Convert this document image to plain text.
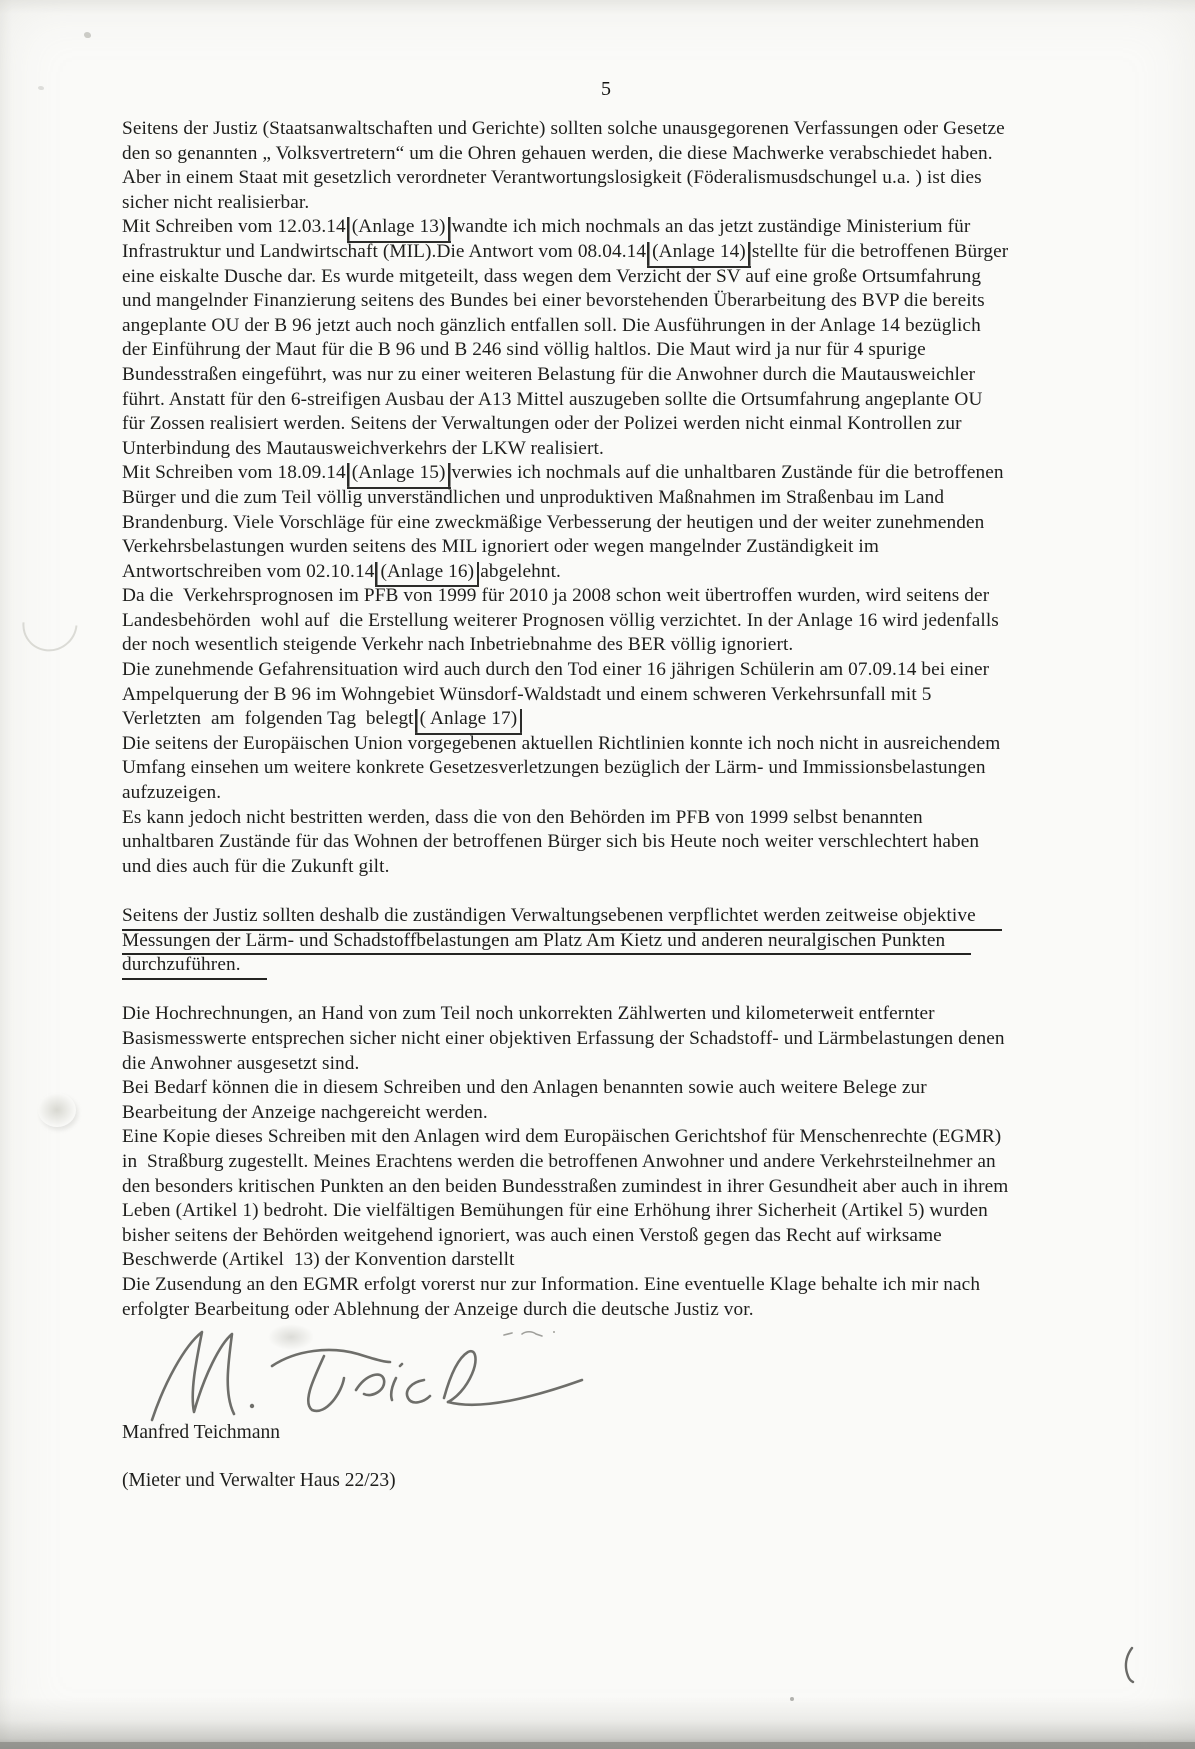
5
Seitens der Justiz (Staatsanwaltschaften und Gerichte) sollten solche unausgegorenen Verfassungen oder Gesetze
den so genannten „ Volksvertretern“ um die Ohren gehauen werden, die diese Machwerke verabschiedet haben.
Aber in einem Staat mit gesetzlich verordneter Verantwortungslosigkeit (Föderalismusdschungel u.a. ) ist dies
sicher nicht realisierbar.
Mit Schreiben vom 12.03.14 (Anlage 13) wandte ich mich nochmals an das jetzt zuständige Ministerium für
Infrastruktur und Landwirtschaft (MIL).Die Antwort vom 08.04.14 (Anlage 14) stellte für die betroffenen Bürger
eine eiskalte Dusche dar. Es wurde mitgeteilt, dass wegen dem Verzicht der SV auf eine große Ortsumfahrung
und mangelnder Finanzierung seitens des Bundes bei einer bevorstehenden Überarbeitung des BVP die bereits
angeplante OU der B 96 jetzt auch noch gänzlich entfallen soll. Die Ausführungen in der Anlage 14 bezüglich
der Einführung der Maut für die B 96 und B 246 sind völlig haltlos. Die Maut wird ja nur für 4 spurige
Bundesstraßen eingeführt, was nur zu einer weiteren Belastung für die Anwohner durch die Mautausweichler
führt. Anstatt für den 6-streifigen Ausbau der A13 Mittel auszugeben sollte die Ortsumfahrung angeplante OU
für Zossen realisiert werden. Seitens der Verwaltungen oder der Polizei werden nicht einmal Kontrollen zur
Unterbindung des Mautausweichverkehrs der LKW realisiert.
Mit Schreiben vom 18.09.14 (Anlage 15) verwies ich nochmals auf die unhaltbaren Zustände für die betroffenen
Bürger und die zum Teil völlig unverständlichen und unproduktiven Maßnahmen im Straßenbau im Land
Brandenburg. Viele Vorschläge für eine zweckmäßige Verbesserung der heutigen und der weiter zunehmenden
Verkehrsbelastungen wurden seitens des MIL ignoriert oder wegen mangelnder Zuständigkeit im
Antwortschreiben vom 02.10.14 (Anlage 16) abgelehnt.
Da die  Verkehrsprognosen im PFB von 1999 für 2010 ja 2008 schon weit übertroffen wurden, wird seitens der
Landesbehörden  wohl auf  die Erstellung weiterer Prognosen völlig verzichtet. In der Anlage 16 wird jedenfalls
der noch wesentlich steigende Verkehr nach Inbetriebnahme des BER völlig ignoriert.
Die zunehmende Gefahrensituation wird auch durch den Tod einer 16 jährigen Schülerin am 07.09.14 bei einer
Ampelquerung der B 96 im Wohngebiet Wünsdorf-Waldstadt und einem schweren Verkehrsunfall mit 5
Verletzten  am  folgenden Tag  belegt ( Anlage 17)
Die seitens der Europäischen Union vorgegebenen aktuellen Richtlinien konnte ich noch nicht in ausreichendem
Umfang einsehen um weitere konkrete Gesetzesverletzungen bezüglich der Lärm- und Immissionsbelastungen
aufzuzeigen.
Es kann jedoch nicht bestritten werden, dass die von den Behörden im PFB von 1999 selbst benannten
unhaltbaren Zustände für das Wohnen der betroffenen Bürger sich bis Heute noch weiter verschlechtert haben
und dies auch für die Zukunft gilt.

Seitens der Justiz sollten deshalb die zuständigen Verwaltungsebenen verpflichtet werden zeitweise objektive
Messungen der Lärm- und Schadstoffbelastungen am Platz Am Kietz und anderen neuralgischen Punkten
durchzuführen.

Die Hochrechnungen, an Hand von zum Teil noch unkorrekten Zählwerten und kilometerweit entfernter
Basismesswerte entsprechen sicher nicht einer objektiven Erfassung der Schadstoff- und Lärmbelastungen denen
die Anwohner ausgesetzt sind.
Bei Bedarf können die in diesem Schreiben und den Anlagen benannten sowie auch weitere Belege zur
Bearbeitung der Anzeige nachgereicht werden.
Eine Kopie dieses Schreiben mit den Anlagen wird dem Europäischen Gerichtshof für Menschenrechte (EGMR)
in  Straßburg zugestellt. Meines Erachtens werden die betroffenen Anwohner und andere Verkehrsteilnehmer an
den besonders kritischen Punkten an den beiden Bundesstraßen zumindest in ihrer Gesundheit aber auch in ihrem
Leben (Artikel 1) bedroht. Die vielfältigen Bemühungen für eine Erhöhung ihrer Sicherheit (Artikel 5) wurden
bisher seitens der Behörden weitgehend ignoriert, was auch einen Verstoß gegen das Recht auf wirksame
Beschwerde (Artikel  13) der Konvention darstellt
Die Zusendung an den EGMR erfolgt vorerst nur zur Information. Eine eventuelle Klage behalte ich mir nach
erfolgter Bearbeitung oder Ablehnung der Anzeige durch die deutsche Justiz vor.
Manfred Teichmann
(Mieter und Verwalter Haus 22/23)
